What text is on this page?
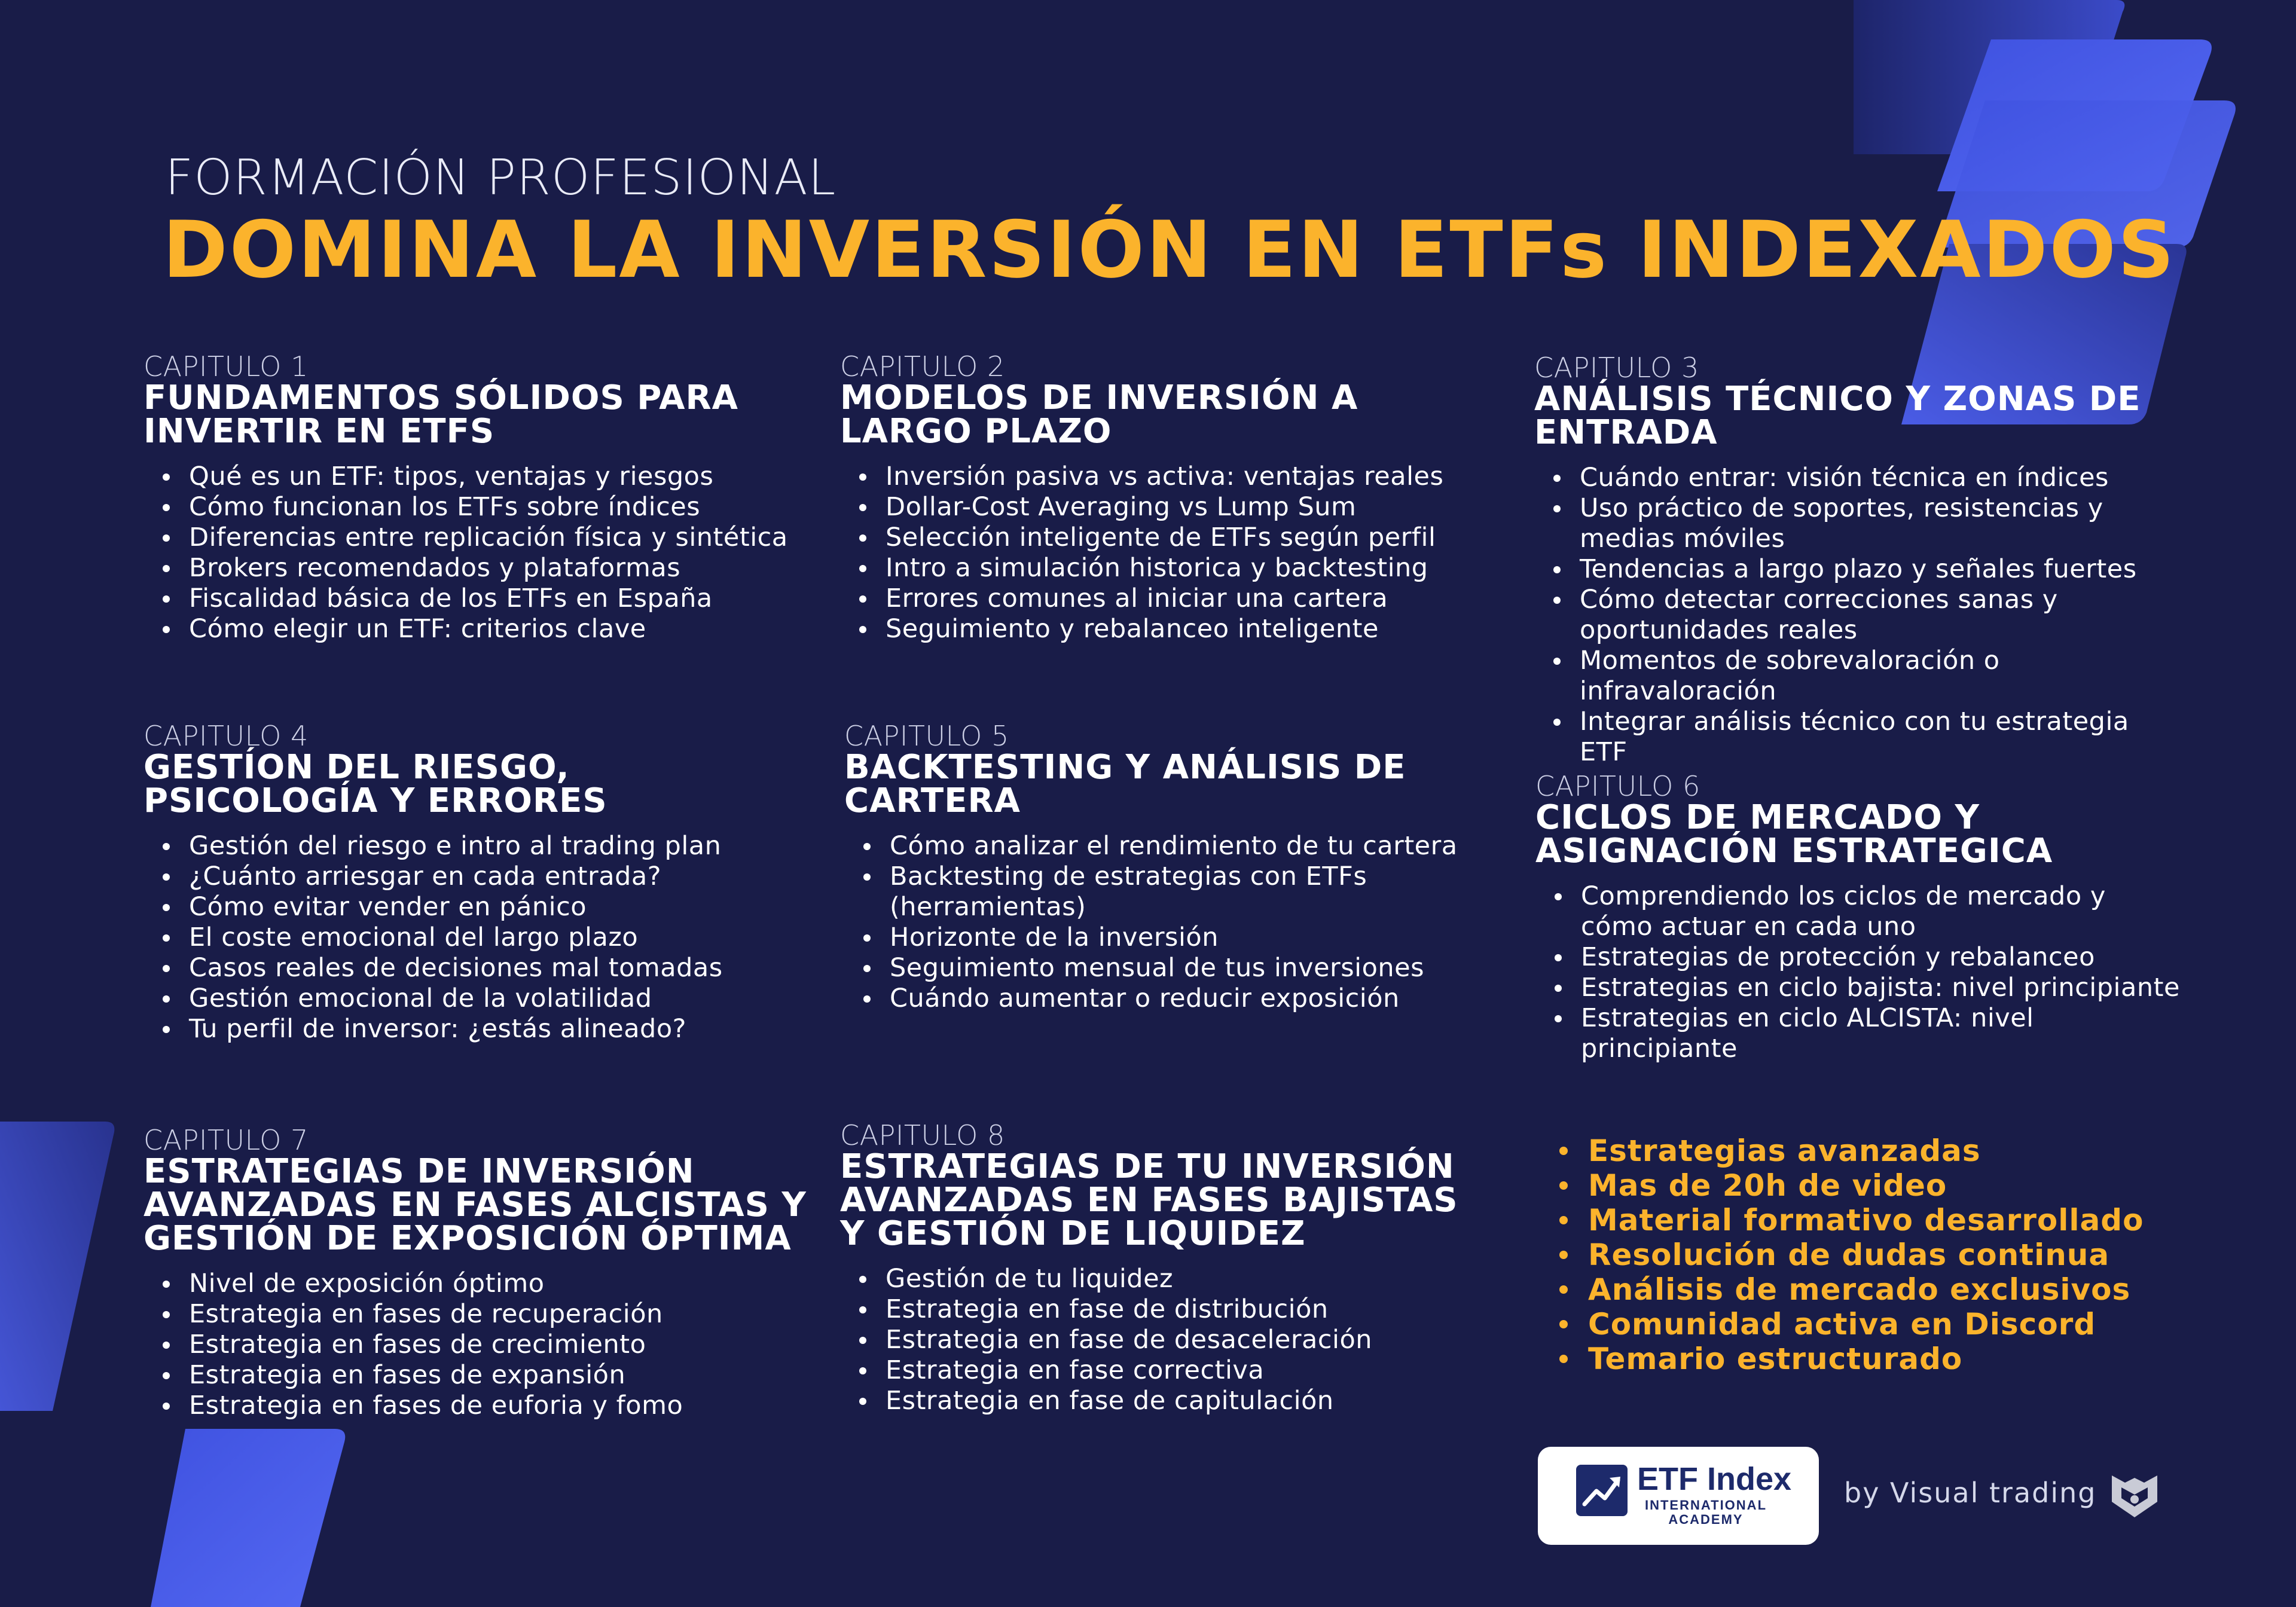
FORMACIÓN PROFESIONAL
DOMINA LA INVERSIÓN EN ETFs INDEXADOS
CAPITULO 1
FUNDAMENTOS SÓLIDOS PARA INVERTIR EN ETFS
Qué es un ETF: tipos, ventajas y riesgos
Cómo funcionan los ETFs sobre índices
Diferencias entre replicación física y sintética
Brokers recomendados y plataformas
Fiscalidad básica de los ETFs en España
Cómo elegir un ETF: criterios clave
CAPITULO 2
MODELOS DE INVERSIÓN A LARGO PLAZO
Inversión pasiva vs activa: ventajas reales
Dollar-Cost Averaging vs Lump Sum
Selección inteligente de ETFs según perfil
Intro a simulación historica y backtesting
Errores comunes al iniciar una cartera
Seguimiento y rebalanceo inteligente
CAPITULO 3
ANÁLISIS TÉCNICO Y ZONAS DE ENTRADA
Cuándo entrar: visión técnica en índices
Uso práctico de soportes, resistencias y medias móviles
Tendencias a largo plazo y señales fuertes
Cómo detectar correcciones sanas y oportunidades reales
Momentos de sobrevaloración o infravaloración
Integrar análisis técnico con tu estrategia ETF
CAPITULO 4
GESTÍON DEL RIESGO, PSICOLOGÍA Y ERRORES
Gestión del riesgo e intro al trading plan
¿Cuánto arriesgar en cada entrada?
Cómo evitar vender en pánico
El coste emocional del largo plazo
Casos reales de decisiones mal tomadas
Gestión emocional de la volatilidad
Tu perfil de inversor: ¿estás alineado?
CAPITULO 5
BACKTESTING Y ANÁLISIS DE CARTERA
Cómo analizar el rendimiento de tu cartera
Backtesting de estrategias con ETFs (herramientas)
Horizonte de la inversión
Seguimiento mensual de tus inversiones
Cuándo aumentar o reducir exposición
CAPITULO 6
CICLOS DE MERCADO Y ASIGNACIÓN ESTRATEGICA
Comprendiendo los ciclos de mercado y cómo actuar en cada uno
Estrategias de protección y rebalanceo
Estrategias en ciclo bajista: nivel principiante
Estrategias en ciclo ALCISTA: nivel principiante
CAPITULO 7
ESTRATEGIAS DE INVERSIÓN AVANZADAS EN FASES ALCISTAS Y GESTIÓN DE EXPOSICIÓN ÓPTIMA
Nivel de exposición óptimo
Estrategia en fases de recuperación
Estrategia en fases de crecimiento
Estrategia en fases de expansión
Estrategia en fases de euforia y fomo
CAPITULO 8
ESTRATEGIAS DE TU INVERSIÓN AVANZADAS EN FASES BAJISTAS Y GESTIÓN DE LIQUIDEZ
Gestión de tu liquidez
Estrategia en fase de distribución
Estrategia en fase de desaceleración
Estrategia en fase correctiva
Estrategia en fase de capitulación
Estrategias avanzadas
Mas de 20h de video
Material formativo desarrollado
Resolución de dudas continua
Análisis de mercado exclusivos
Comunidad activa en Discord
Temario estructurado
ETF Index
INTERNATIONAL ACADEMY
by Visual trading
